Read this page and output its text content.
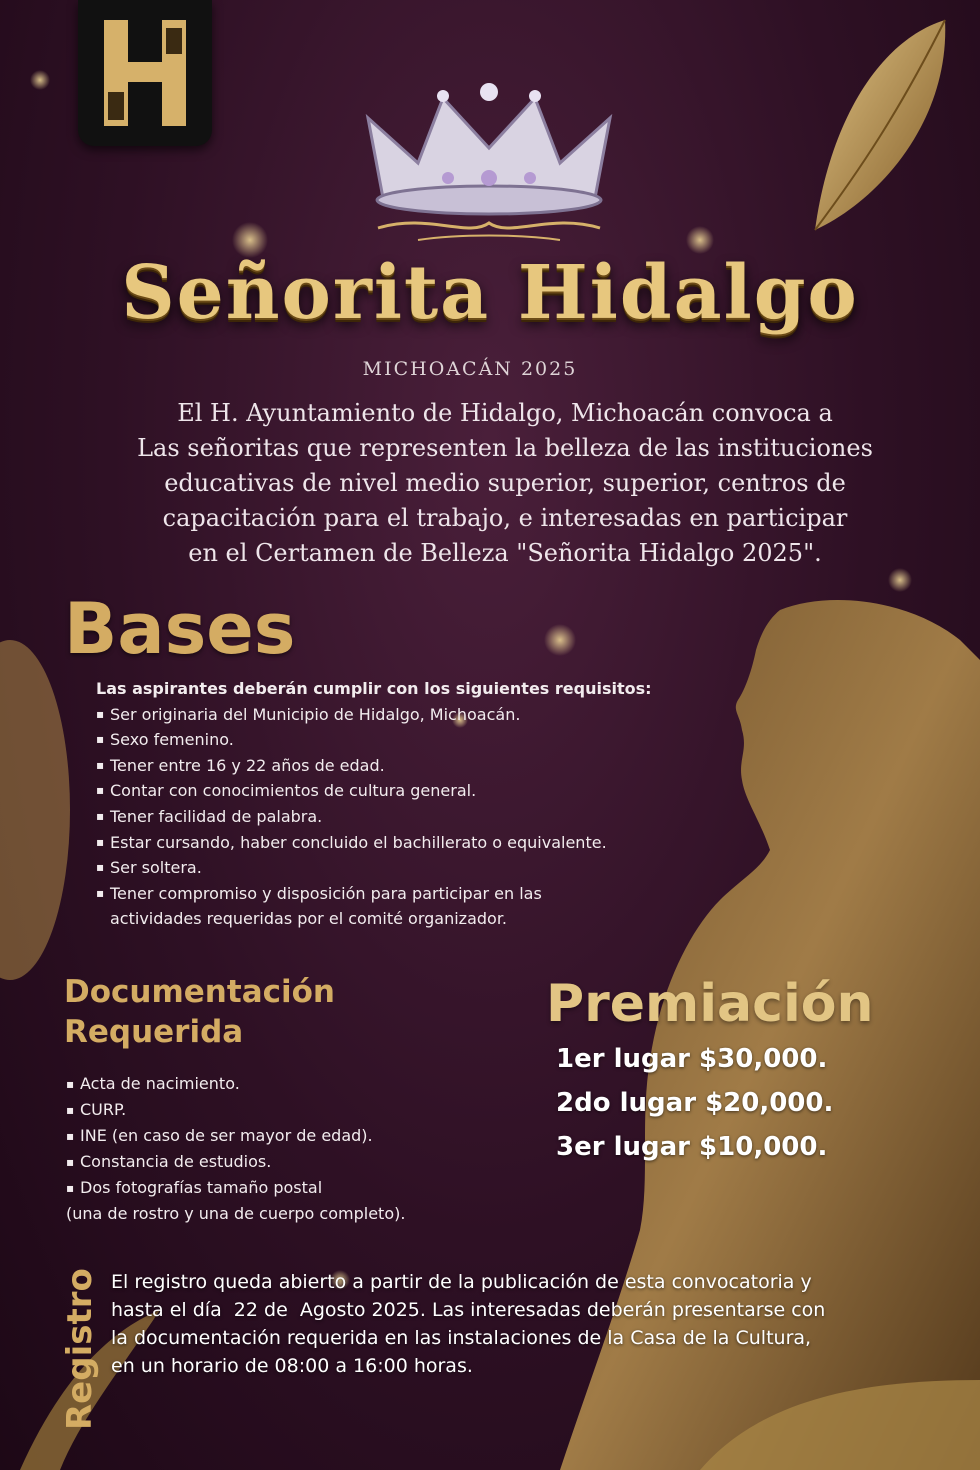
Señorita Hidalgo
MICHOACÁN 2025
El H. Ayuntamiento de Hidalgo, Michoacán convoca a
Las señoritas que representen la belleza de las instituciones
educativas de nivel medio superior, superior, centros de
capacitación para el trabajo, e interesadas en participar
en el Certamen de Belleza "Señorita Hidalgo 2025".
Bases
Las aspirantes deberán cumplir con los siguientes requisitos:
▪ Ser originaria del Municipio de Hidalgo, Michoacán.
▪ Sexo femenino.
▪ Tener entre 16 y 22 años de edad.
▪ Contar con conocimientos de cultura general.
▪ Tener facilidad de palabra.
▪ Estar cursando, haber concluido el bachillerato o equivalente.
▪ Ser soltera.
▪ Tener compromiso y disposición para participar en las actividades requeridas por el comité organizador.
Documentación
Requerida
▪ Acta de nacimiento.
▪ CURP.
▪ INE (en caso de ser mayor de edad).
▪ Constancia de estudios.
▪ Dos fotografías tamaño postal
(una de rostro y una de cuerpo completo).
Premiación
1er lugar $30,000.
2do lugar $20,000.
3er lugar $10,000.
Registro El registro queda abierto a partir de la publicación de esta convocatoria y
hasta el día  22 de  Agosto 2025. Las interesadas deberán presentarse con
la documentación requerida en las instalaciones de la Casa de la Cultura,
en un horario de 08:00 a 16:00 horas.
